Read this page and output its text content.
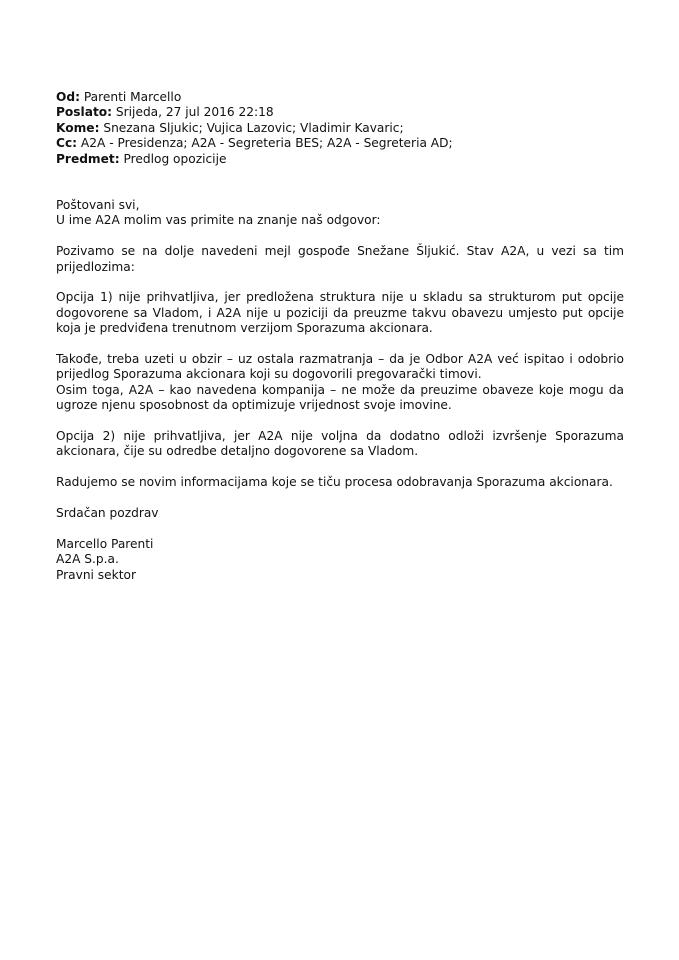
Od: Parenti Marcello

Poslato: Srijeda, 27 jul 2016 22:18

Kome: Snezana Sljukic; Vujica Lazovic; Vladimir Kavaric;

Cc: A2A - Presidenza; A2A - Segreteria BES; A2A - Segreteria AD;

Predmet: Predlog opozicije

Poštovani svi,

U ime A2A molim vas primite na znanje naš odgovor:

Pozivamo se na dolje navedeni mejl gospođe Snežane Šljukić. Stav A2A, u vezi sa tim prijedlozima:

Opcija 1) nije prihvatljiva, jer predložena struktura nije u skladu sa strukturom put opcije dogovorene sa Vladom, i A2A nije u poziciji da preuzme takvu obavezu umjesto put opcije koja je predviđena trenutnom verzijom Sporazuma akcionara.

Takođe, treba uzeti u obzir – uz ostala razmatranja – da je Odbor A2A već ispitao i odobrio prijedlog Sporazuma akcionara koji su dogovorili pregovarački timovi.

Osim toga, A2A – kao navedena kompanija – ne može da preuzime obaveze koje mogu da ugroze njenu sposobnost da optimizuje vrijednost svoje imovine.

Opcija 2) nije prihvatljiva, jer A2A nije voljna da dodatno odloži izvršenje Sporazuma akcionara, čije su odredbe detaljno dogovorene sa Vladom.

Radujemo se novim informacijama koje se tiču procesa odobravanja Sporazuma akcionara.

Srdačan pozdrav

Marcello Parenti

A2A S.p.a.

Pravni sektor
